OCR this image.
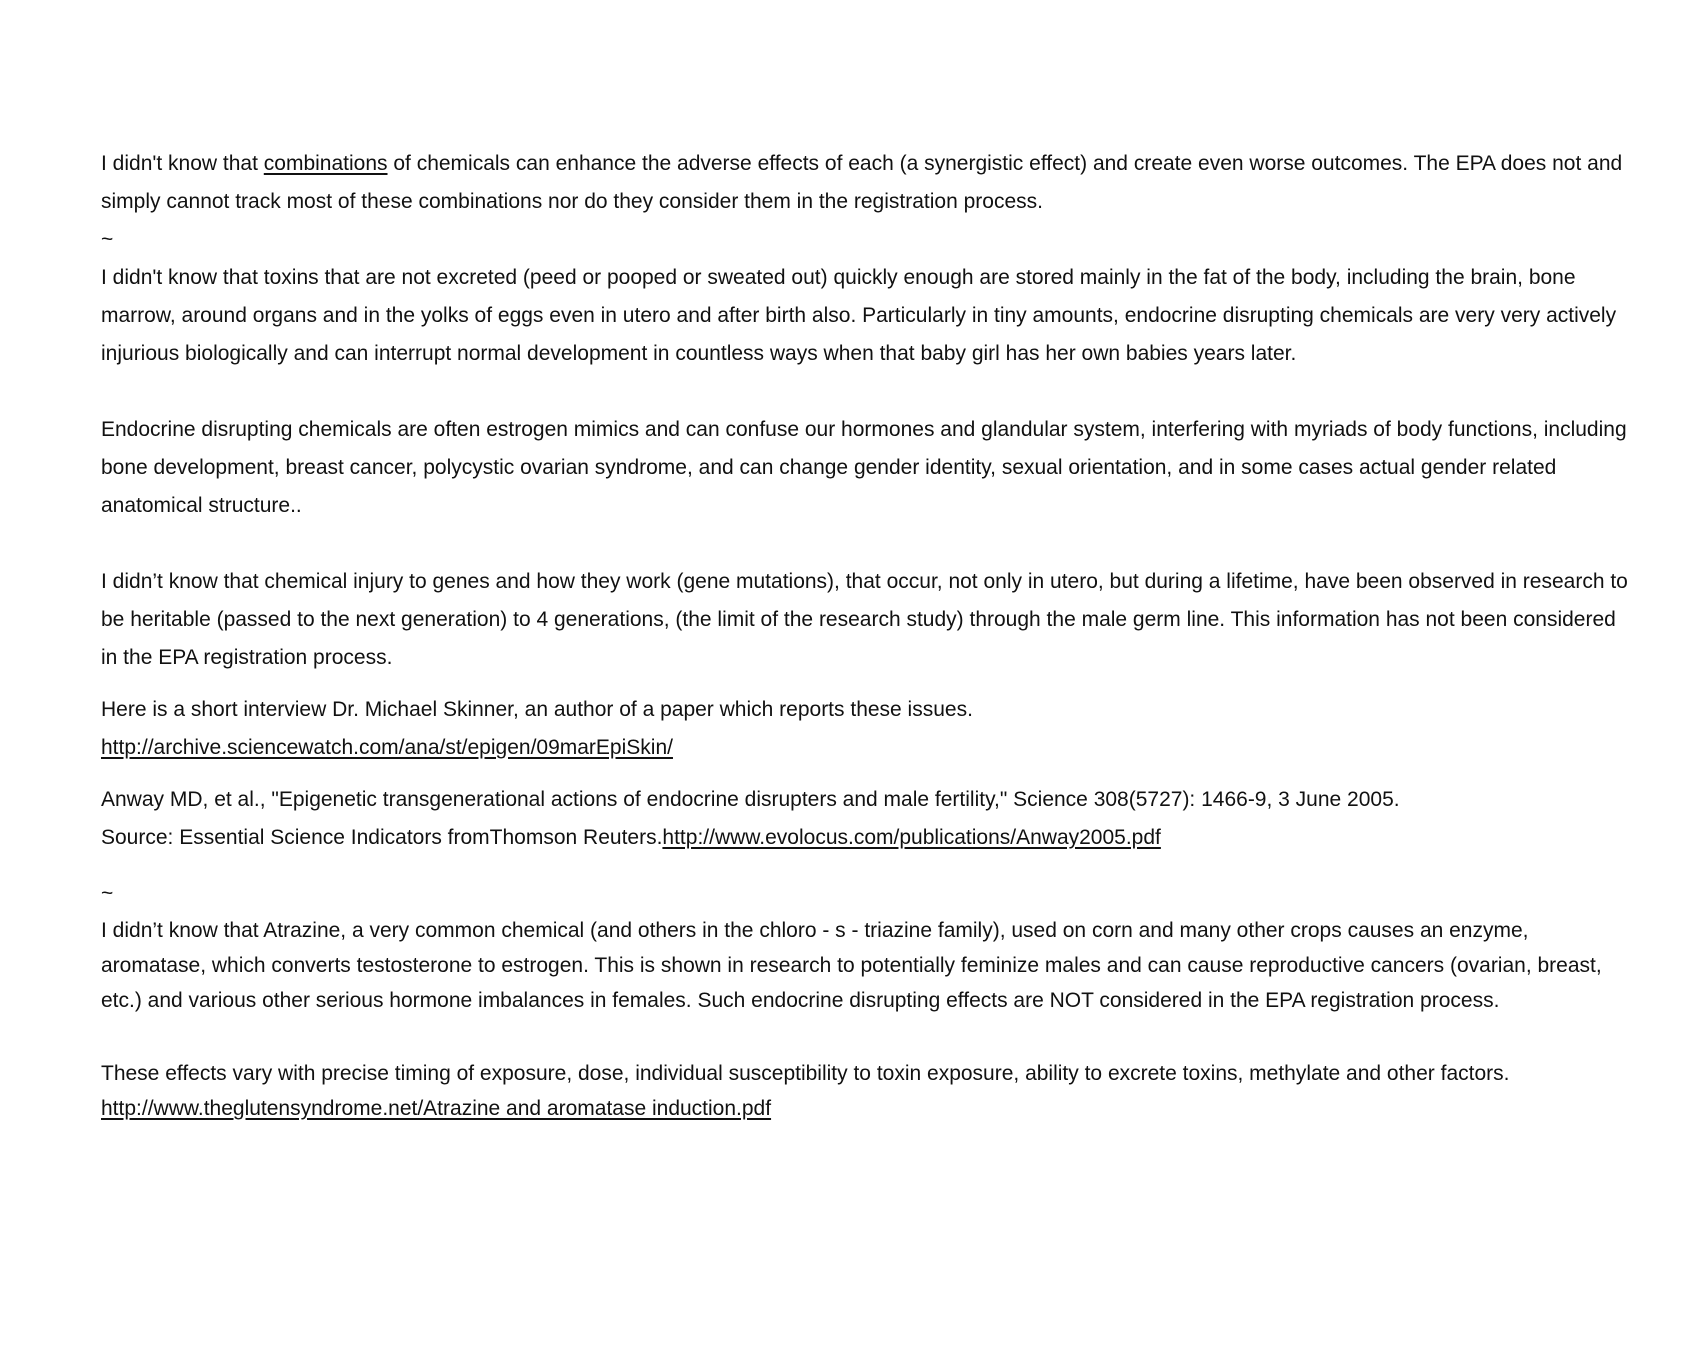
I didn't know that combinations of chemicals can enhance the adverse effects of each (a synergistic effect) and create even worse outcomes. The EPA does not and simply cannot track most of these combinations nor do they consider them in the registration process.

~

I didn't know that toxins that are not excreted (peed or pooped or sweated out) quickly enough are stored mainly in the fat of the body, including the brain, bone marrow, around organs and in the yolks of eggs even in utero and after birth also. Particularly in tiny amounts, endocrine disrupting chemicals are very very actively injurious biologically and can interrupt normal development in countless ways when that baby girl has her own babies years later.

Endocrine disrupting chemicals are often estrogen mimics and can confuse our hormones and glandular system, interfering with myriads of body functions, including bone development, breast cancer, polycystic ovarian syndrome, and can change gender identity, sexual orientation, and in some cases actual gender related anatomical structure..

I didn’t know that chemical injury to genes and how they work (gene mutations), that occur, not only in utero, but during a lifetime, have been observed in research to be heritable (passed to the next generation) to 4 generations, (the limit of the research study) through the male germ line. This information has not been considered in the EPA registration process.

Here is a short interview Dr. Michael Skinner, an author of a paper which reports these issues.

http://archive.sciencewatch.com/ana/st/epigen/09marEpiSkin/

Anway MD, et al., "Epigenetic transgenerational actions of endocrine disrupters and male fertility," Science 308(5727): 1466-9, 3 June 2005.

Source: Essential Science Indicators fromThomson Reuters.http://www.evolocus.com/publications/Anway2005.pdf

~

I didn’t know that Atrazine, a very common chemical (and others in the chloro - s - triazine family), used on corn and many other crops causes an enzyme, aromatase, which converts testosterone to estrogen. This is shown in research to potentially feminize males and can cause reproductive cancers (ovarian, breast, etc.) and various other serious hormone imbalances in females. Such endocrine disrupting effects are NOT considered in the EPA registration process.

These effects vary with precise timing of exposure, dose, individual susceptibility to toxin exposure, ability to excrete toxins, methylate and other factors.

http://www.theglutensyndrome.net/Atrazine and aromatase induction.pdf
